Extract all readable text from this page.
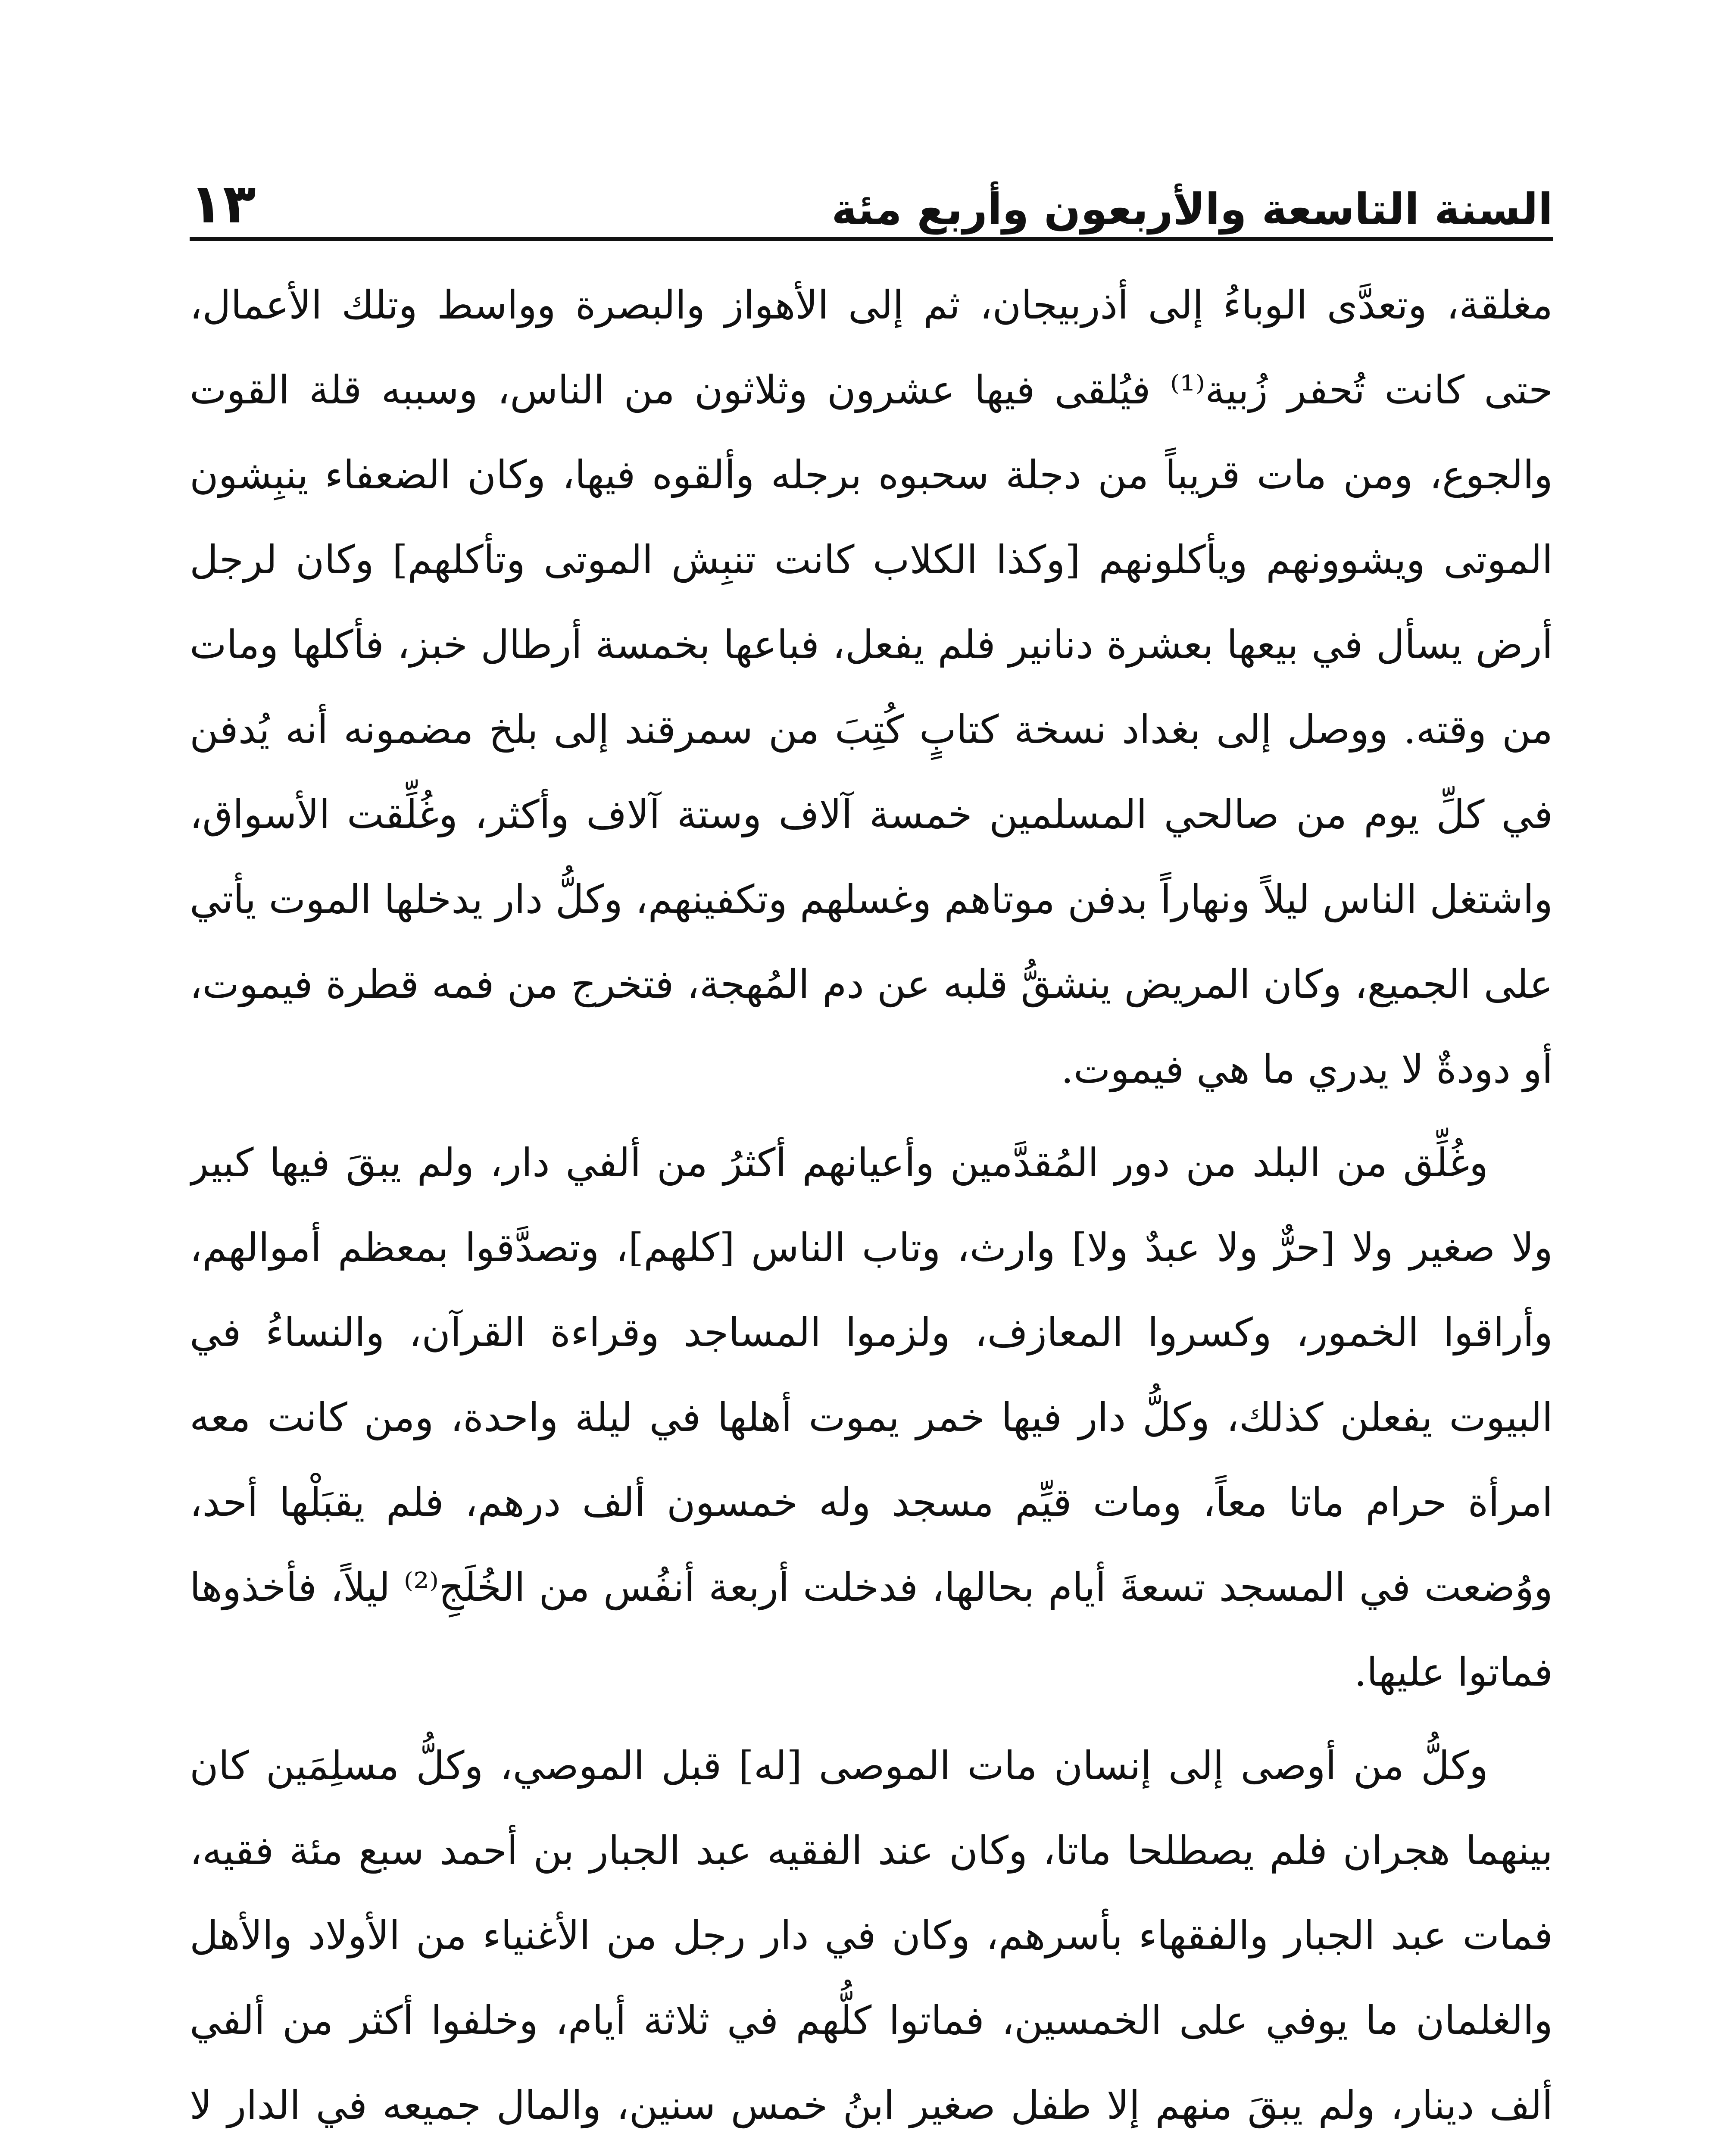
السنة التاسعة والأربعون وأربع مئة
١٣

مغلقة، وتعدَّى الوباءُ إلى أذربيجان، ثم إلى الأهواز والبصرة وواسط وتلك الأعمال، حتى كانت تُحفر زُبية⁽¹⁾ فيُلقى فيها عشرون وثلاثون من الناس، وسببه قلة القوت والجوع، ومن مات قريباً من دجلة سحبوه برجله وألقوه فيها، وكان الضعفاء ينبِشون الموتى ويشوونهم ويأكلونهم [وكذا الكلاب كانت تنبِش الموتى وتأكلهم] وكان لرجل أرض يسأل في بيعها بعشرة دنانير فلم يفعل، فباعها بخمسة أرطال خبز، فأكلها ومات من وقته. ووصل إلى بغداد نسخة كتابٍ كُتِبَ من سمرقند إلى بلخ مضمونه أنه يُدفن في كلِّ يوم من صالحي المسلمين خمسة آلاف وستة آلاف وأكثر، وغُلِّقت الأسواق، واشتغل الناس ليلاً ونهاراً بدفن موتاهم وغسلهم وتكفينهم، وكلُّ دار يدخلها الموت يأتي على الجميع، وكان المريض ينشقُّ قلبه عن دم المُهجة، فتخرج من فمه قطرة فيموت، أو دودةٌ لا يدري ما هي فيموت.

وغُلِّق من البلد من دور المُقدَّمين وأعيانهم أكثرُ من ألفي دار، ولم يبقَ فيها كبير ولا صغير ولا [حرٌّ ولا عبدٌ ولا] وارث، وتاب الناس [كلهم]، وتصدَّقوا بمعظم أموالهم، وأراقوا الخمور، وكسروا المعازف، ولزموا المساجد وقراءة القرآن، والنساءُ في البيوت يفعلن كذلك، وكلُّ دار فيها خمر يموت أهلها في ليلة واحدة، ومن كانت معه امرأة حرام ماتا معاً، ومات قيِّم مسجد وله خمسون ألف درهم، فلم يقبَلْها أحد، ووُضعت في المسجد تسعةَ أيام بحالها، فدخلت أربعة أنفُس من الخُلَجِ⁽²⁾ ليلاً، فأخذوها فماتوا عليها.

وكلُّ من أوصى إلى إنسان مات الموصى [له] قبل الموصي، وكلُّ مسلِمَين كان بينهما هجران فلم يصطلحا ماتا، وكان عند الفقيه عبد الجبار بن أحمد سبع مئة فقيه، فمات عبد الجبار والفقهاء بأسرهم، وكان في دار رجل من الأغنياء من الأولاد والأهل والغلمان ما يوفي على الخمسين، فماتوا كلُّهم في ثلاثة أيام، وخلفوا أكثر من ألفي ألف دينار، ولم يبقَ منهم إلا طفل صغير ابنُ خمس سنين، والمال جميعه في الدار لا
